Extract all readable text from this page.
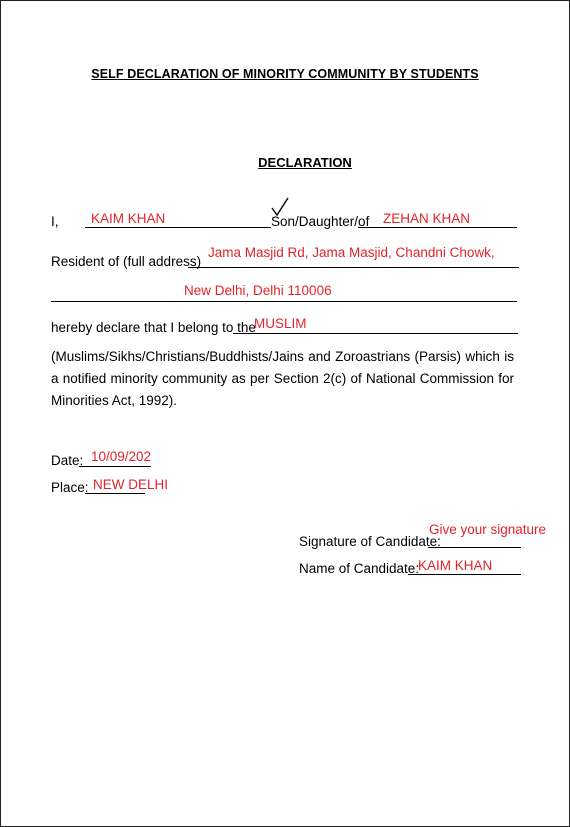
SELF DECLARATION OF MINORITY COMMUNITY BY STUDENTS
DECLARATION
I, KAIM KHAN	Son/Daughter/of ZEHAN KHAN
Resident of (full address)
Jama Masjid Rd, Jama Masjid, Chandni Chowk,
New Delhi, Delhi 110006
hereby declare that I belong to the
MUSLIM
(Muslims/Sikhs/Christians/Buddhists/Jains and Zoroastrians (Parsis) which is a notified minority community as per Section 2(c) of National Commission for Minorities Act, 1992).
Date: 10/09/202
Place: NEW DELHI
Signature of Candidate:
Give your signature
Name of Candidate:
KAIM KHAN
